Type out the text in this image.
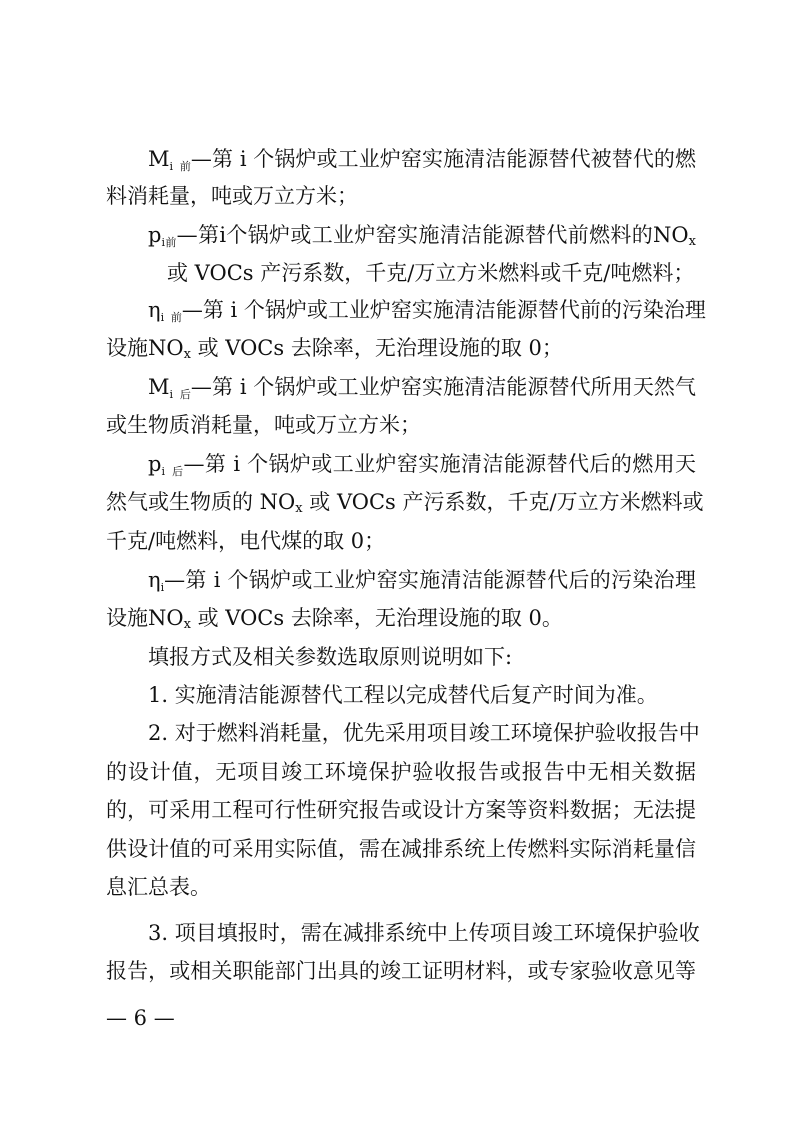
$M_i$ $_前$—第 i 个锅炉或工业炉窑实施清洁能源替代被替代的燃
料消耗量，吨或万立方米；
$p_{i前}—$第i个锅炉或工业炉窑实施清洁能源替代前燃料的NOx
或 VOCs 产污系数，千克/万立方米燃料或千克/吨燃料；
$\eta_i$ $_前$—第 i 个锅炉或工业炉窑实施清洁能源替代前的污染治理
设施NOx 或 VOCs 去除率，无治理设施的取 0；
$M_i$ $_后$—第 i 个锅炉或工业炉窑实施清洁能源替代所用天然气
或生物质消耗量，吨或万立方米；
$p_i$ $_后$—第 i 个锅炉或工业炉窑实施清洁能源替代后的燃用天
然气或生物质的 NOx 或 VOCs 产污系数，千克/万立方米燃料或
千克/吨燃料，电代煤的取 0；
$\eta_i—$第 i 个锅炉或工业炉窑实施清洁能源替代后的污染治理
设施NOx 或 VOCs 去除率，无治理设施的取 0。
填报方式及相关参数选取原则说明如下:
1. 实施清洁能源替代工程以完成替代后复产时间为准。
2. 对于燃料消耗量，优先采用项目竣工环境保护验收报告中
的设计值，无项目竣工环境保护验收报告或报告中无相关数据
的，可采用工程可行性研究报告或设计方案等资料数据；无法提
供设计值的可采用实际值，需在减排系统上传燃料实际消耗量信
息汇总表。
3. 项目填报时，需在减排系统中上传项目竣工环境保护验收
报告，或相关职能部门出具的竣工证明材料，或专家验收意见等
— 6 —
